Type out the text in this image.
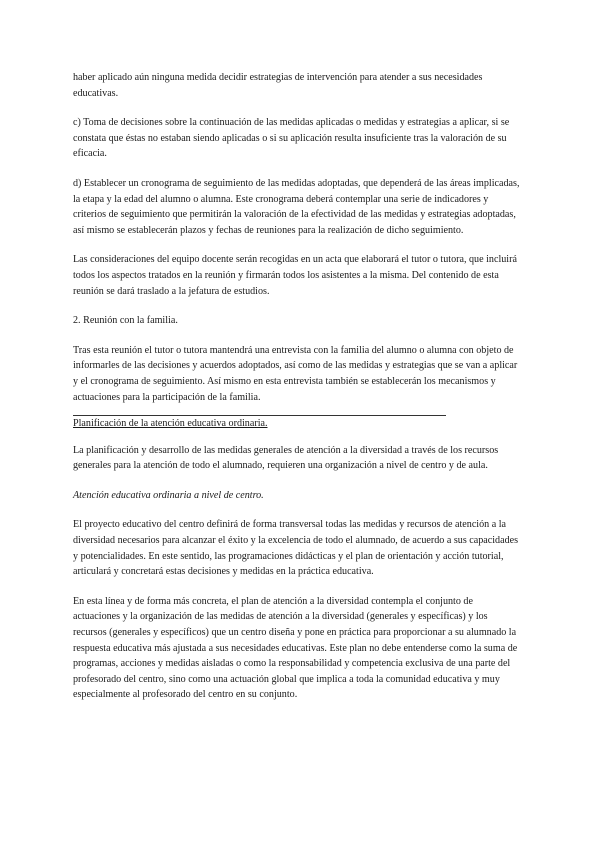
haber aplicado aún ninguna medida decidir estrategias de intervención para atender a sus necesidades educativas.

c) Toma de decisiones sobre la continuación de las medidas aplicadas o medidas y estrategias a aplicar, si se constata que éstas no estaban siendo aplicadas o si su aplicación resulta insuficiente tras la valoración de su eficacia.

d) Establecer un cronograma de seguimiento de las medidas adoptadas, que dependerá de las áreas implicadas, la etapa y la edad del alumno o alumna. Este cronograma deberá contemplar una serie de indicadores y criterios de seguimiento que permitirán la valoración de la efectividad de las medidas y estrategias adoptadas, así mismo se establecerán plazos y fechas de reuniones para la realización de dicho seguimiento.

Las consideraciones del equipo docente serán recogidas en un acta que elaborará el tutor o tutora, que incluirá todos los aspectos tratados en la reunión y firmarán todos los asistentes a la misma. Del contenido de esta reunión se dará traslado a la jefatura de estudios.

2. Reunión con la familia.

Tras esta reunión el tutor o tutora mantendrá una entrevista con la familia del alumno o alumna con objeto de informarles de las decisiones y acuerdos adoptados, así como de las medidas y estrategias que se van a aplicar y el cronograma de seguimiento. Así mismo en esta entrevista también se establecerán los mecanismos y actuaciones para la participación de la familia.

Planificación de la atención educativa ordinaria.

La planificación y desarrollo de las medidas generales de atención a la diversidad a través de los recursos generales para la atención de todo el alumnado, requieren una organización a nivel de centro y de aula.

Atención educativa ordinaria a nivel de centro.

El proyecto educativo del centro definirá de forma transversal todas las medidas y recursos de atención a la diversidad necesarios para alcanzar el éxito y la excelencia de todo el alumnado, de acuerdo a sus capacidades y potencialidades. En este sentido, las programaciones didácticas y el plan de orientación y acción tutorial, articulará y concretará estas decisiones y medidas en la práctica educativa.

En esta línea y de forma más concreta, el plan de atención a la diversidad contempla el conjunto de actuaciones y la organización de las medidas de atención a la diversidad (generales y específicas) y los recursos (generales y específicos) que un centro diseña y pone en práctica para proporcionar a su alumnado la respuesta educativa más ajustada a sus necesidades educativas. Este plan no debe entenderse como la suma de programas, acciones y medidas aisladas o como la responsabilidad y competencia exclusiva de una parte del profesorado del centro, sino como una actuación global que implica a toda la comunidad educativa y muy especialmente al profesorado del centro en su conjunto.
